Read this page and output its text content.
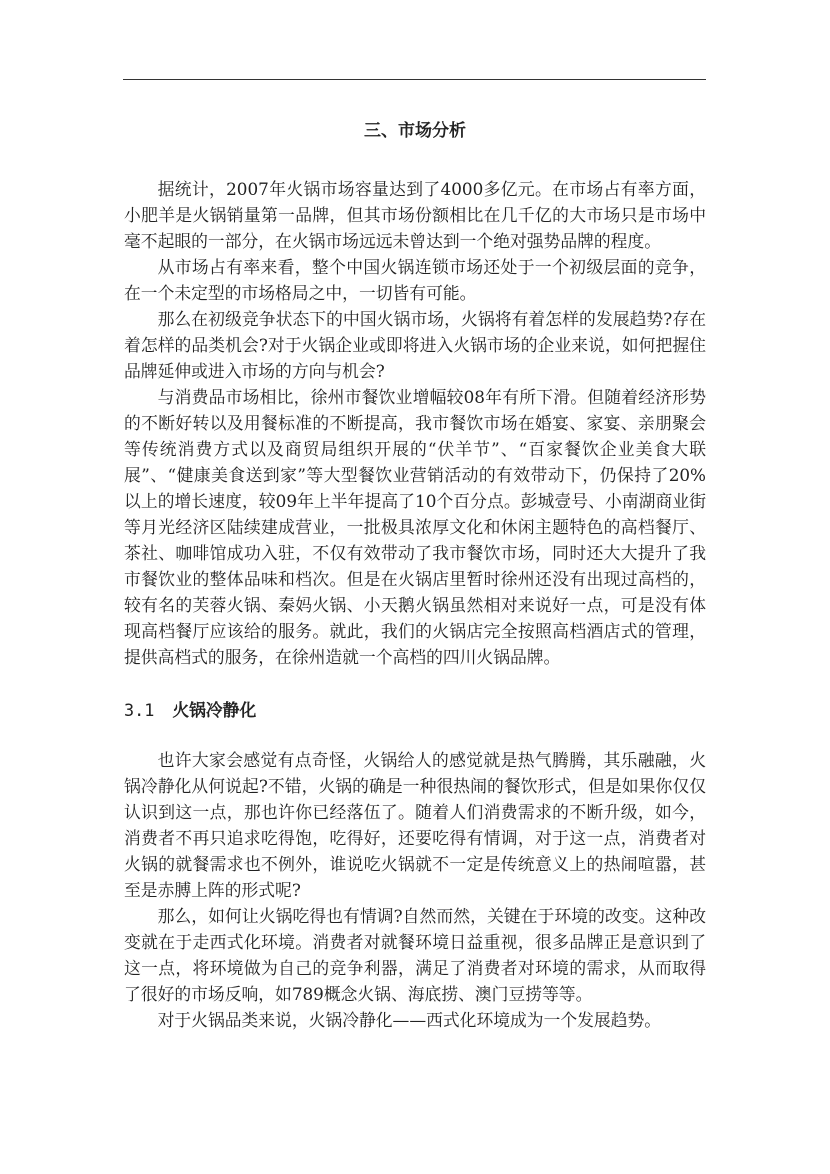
三、市场分析

据统计，2007年火锅市场容量达到了4000多亿元。在市场占有率方面，小肥羊是火锅销量第一品牌，但其市场份额相比在几千亿的大市场只是市场中毫不起眼的一部分，在火锅市场远远未曾达到一个绝对强势品牌的程度。

从市场占有率来看，整个中国火锅连锁市场还处于一个初级层面的竞争，在一个未定型的市场格局之中，一切皆有可能。

那么在初级竞争状态下的中国火锅市场，火锅将有着怎样的发展趋势?存在着怎样的品类机会?对于火锅企业或即将进入火锅市场的企业来说，如何把握住品牌延伸或进入市场的方向与机会?

与消费品市场相比，徐州市餐饮业增幅较08年有所下滑。但随着经济形势的不断好转以及用餐标准的不断提高，我市餐饮市场在婚宴、家宴、亲朋聚会等传统消费方式以及商贸局组织开展的“伏羊节”、“百家餐饮企业美食大联展”、“健康美食送到家”等大型餐饮业营销活动的有效带动下，仍保持了20%以上的增长速度，较09年上半年提高了10个百分点。彭城壹号、小南湖商业街等月光经济区陆续建成营业，一批极具浓厚文化和休闲主题特色的高档餐厅、茶社、咖啡馆成功入驻，不仅有效带动了我市餐饮市场，同时还大大提升了我市餐饮业的整体品味和档次。但是在火锅店里暂时徐州还没有出现过高档的，较有名的芙蓉火锅、秦妈火锅、小天鹅火锅虽然相对来说好一点，可是没有体现高档餐厅应该给的服务。就此，我们的火锅店完全按照高档酒店式的管理，提供高档式的服务，在徐州造就一个高档的四川火锅品牌。

3.1 火锅冷静化

也许大家会感觉有点奇怪，火锅给人的感觉就是热气腾腾，其乐融融，火锅冷静化从何说起?不错，火锅的确是一种很热闹的餐饮形式，但是如果你仅仅认识到这一点，那也许你已经落伍了。随着人们消费需求的不断升级，如今，消费者不再只追求吃得饱，吃得好，还要吃得有情调，对于这一点，消费者对火锅的就餐需求也不例外，谁说吃火锅就不一定是传统意义上的热闹喧嚣，甚至是赤膊上阵的形式呢?

那么，如何让火锅吃得也有情调?自然而然，关键在于环境的改变。这种改变就在于走西式化环境。消费者对就餐环境日益重视，很多品牌正是意识到了这一点，将环境做为自己的竞争利器，满足了消费者对环境的需求，从而取得了很好的市场反响，如789概念火锅、海底捞、澳门豆捞等等。

对于火锅品类来说，火锅冷静化——西式化环境成为一个发展趋势。
